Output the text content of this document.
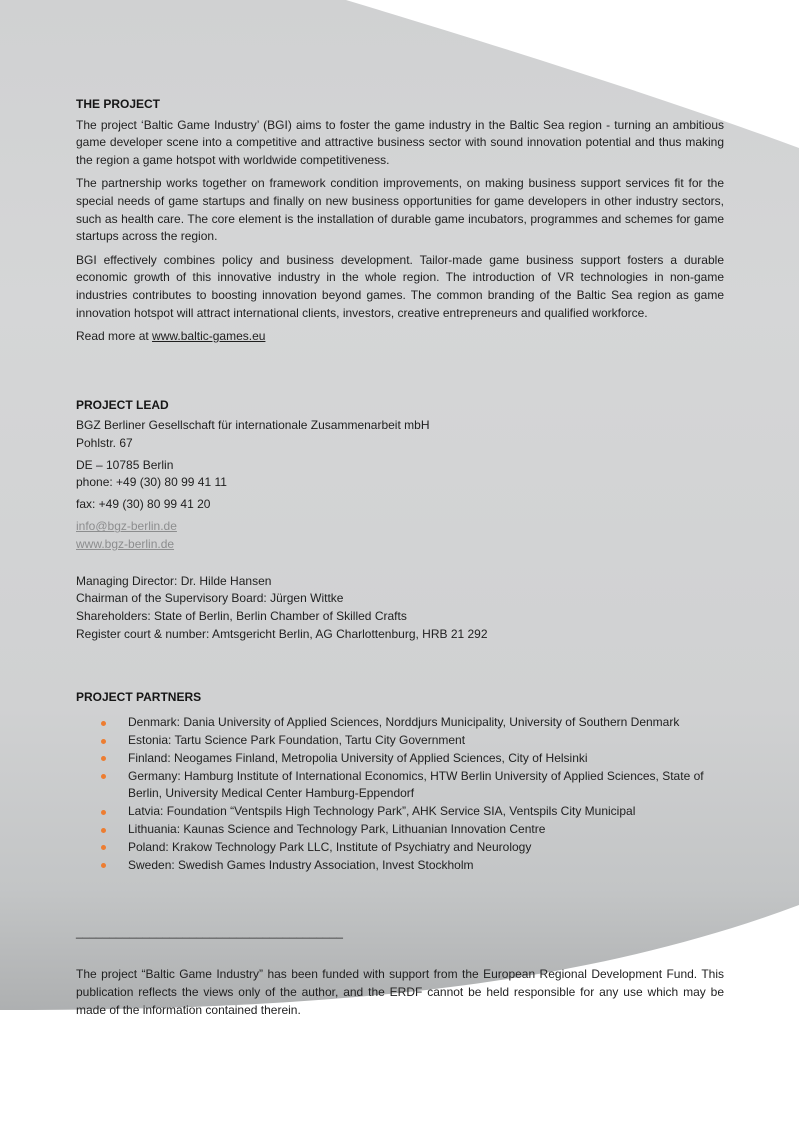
THE PROJECT

The project ‘Baltic Game Industry’ (BGI) aims to foster the game industry in the Baltic Sea region - turning an ambitious game developer scene into a competitive and attractive business sector with sound innovation potential and thus making the region a game hotspot with worldwide competitiveness.

The partnership works together on framework condition improvements, on making business support services fit for the special needs of game startups and finally on new business opportunities for game developers in other industry sectors, such as health care. The core element is the installation of durable game incubators, programmes and schemes for game startups across the region.

BGI effectively combines policy and business development. Tailor-made game business support fosters a durable economic growth of this innovative industry in the whole region. The introduction of VR technologies in non-game industries contributes to boosting innovation beyond games. The common branding of the Baltic Sea region as game innovation hotspot will attract international clients, investors, creative entrepreneurs and qualified workforce.

Read more at www.baltic-games.eu

PROJECT LEAD
BGZ Berliner Gesellschaft für internationale Zusammenarbeit mbH
Pohlstr. 67
DE – 10785 Berlin
phone: +49 (30) 80 99 41 11
fax: +49 (30) 80 99 41 20
info@bgz-berlin.de
www.bgz-berlin.de
Managing Director: Dr. Hilde Hansen
Chairman of the Supervisory Board: Jürgen Wittke
Shareholders: State of Berlin, Berlin Chamber of Skilled Crafts
Register court & number: Amtsgericht Berlin, AG Charlottenburg, HRB 21 292
PROJECT PARTNERS
Denmark: Dania University of Applied Sciences, Norddjurs Municipality, University of Southern Denmark
Estonia: Tartu Science Park Foundation, Tartu City Government
Finland: Neogames Finland, Metropolia University of Applied Sciences, City of Helsinki
Germany: Hamburg Institute of International Economics, HTW Berlin University of Applied Sciences, State of Berlin, University Medical Center Hamburg-Eppendorf
Latvia: Foundation “Ventspils High Technology Park”, AHK Service SIA, Ventspils City Municipal
Lithuania: Kaunas Science and Technology Park, Lithuanian Innovation Centre
Poland: Krakow Technology Park LLC, Institute of Psychiatry and Neurology
Sweden: Swedish Games Industry Association, Invest Stockholm
________________________________________

The project “Baltic Game Industry” has been funded with support from the European Regional Development Fund. This publication reflects the views only of the author, and the ERDF cannot be held responsible for any use which may be made of the information contained therein.
